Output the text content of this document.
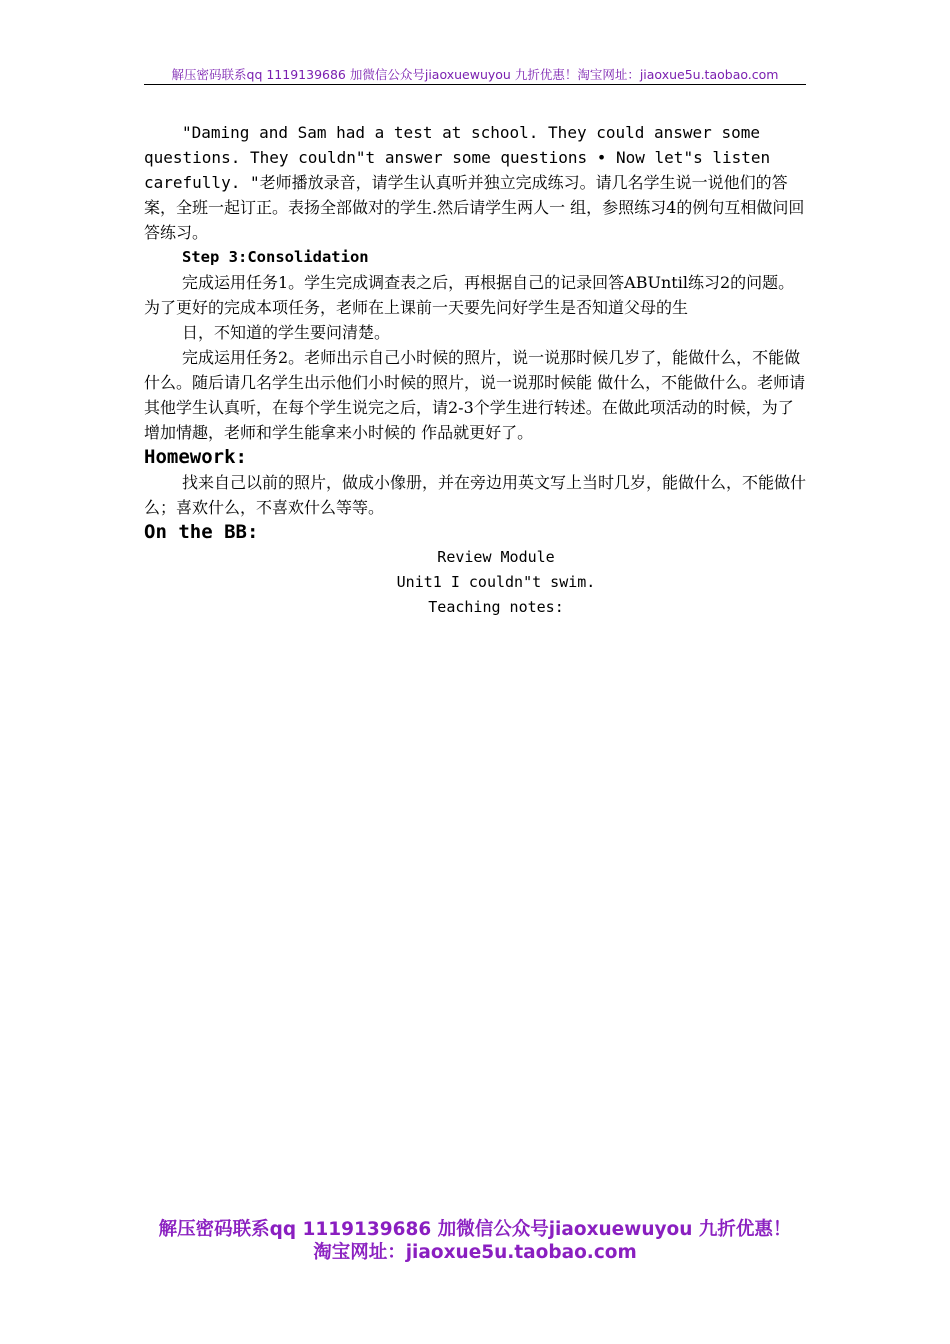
解压密码联系qq 1119139686 加微信公众号jiaoxuewuyou 九折优惠！淘宝网址：jiaoxue5u.taobao.com

"Daming and Sam had a test at school. They could answer some questions. They couldn"t answer some questions • Now let"s listen carefully. "老师播放录音，请学生认真听并独立完成练习。请几名学生说一说他们的答案，全班一起订正。表扬全部做对的学生.然后请学生两人一 组，参照练习4的例句互相做问回答练习。

Step 3:Consolidation

完成运用任务1。学生完成调查表之后，再根据自己的记录回答ABUntil练习2的问题。为了更好的完成本项任务，老师在上课前一天要先问好学生是否知道父母的生

日，不知道的学生要问清楚。

完成运用任务2。老师出示自己小时候的照片，说一说那时候几岁了，能做什么，不能做什么。随后请几名学生出示他们小时候的照片，说一说那时候能 做什么，不能做什么。老师请其他学生认真听，在每个学生说完之后，请2-3个学生进行转述。在做此项活动的时候，为了增加情趣，老师和学生能拿来小时候的 作品就更好了。

Homework:

找来自己以前的照片，做成小像册，并在旁边用英文写上当时几岁，能做什么，不能做什么；喜欢什么，不喜欢什么等等。

On the BB:

Review Module
Unit1 I couldn"t swim.
Teaching notes:
解压密码联系qq 1119139686 加微信公众号jiaoxuewuyou 九折优惠！
淘宝网址：jiaoxue5u.taobao.com
